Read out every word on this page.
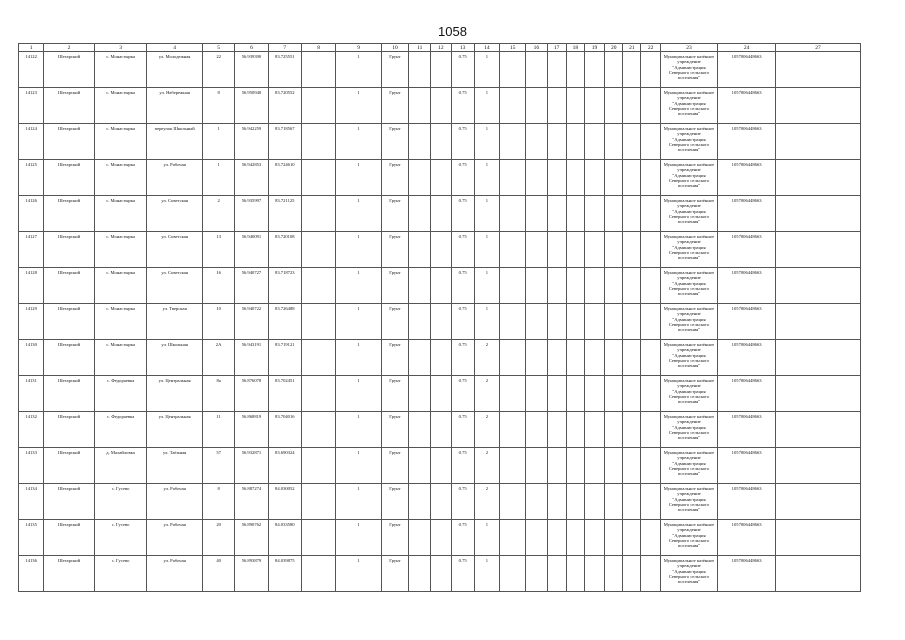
1058
1	2	3	4	5	6	7	8	9	10	11	12	13	14	15	16	17	18	19	20	21	22	23	24	27
14122	Шегарский	с. Монастырка	ул. Молодежная	22	56.939390	83.725551		1	Грунт			0.75	1									Муниципальное казённое учреждение "Администрация Северного сельского поселения"	1057006448663	
14123	Шегарский	с. Монастырка	ул. Набережная	8	56.950940	83.720552		1	Грунт			0.75	1									Муниципальное казённое учреждение "Администрация Северного сельского поселения"	1057006448663	
14124	Шегарский	с. Монастырка	переулок Школьный	1	56.942259	83.718567		1	Грунт			0.75	1									Муниципальное казённое учреждение "Администрация Северного сельского поселения"	1057006448663	
14125	Шегарский	с. Монастырка	ул. Рабочая	1	56.942853	83.724610		1	Грунт			0.75	1									Муниципальное казённое учреждение "Администрация Северного сельского поселения"	1057006448663	
14126	Шегарский	с. Монастырка	ул. Советская	2	56.935997	83.721125		1	Грунт			0.75	1									Муниципальное казённое учреждение "Администрация Северного сельского поселения"	1057006448663	
14127	Шегарский	с. Монастырка	ул. Советская	13	56.940091	83.720108		1	Грунт			0.75	1									Муниципальное казённое учреждение "Администрация Северного сельского поселения"	1057006448663	
14128	Шегарский	с. Монастырка	ул. Советская	16	56.940727	83.718723		1	Грунт			0.75	1									Муниципальное казённое учреждение "Администрация Северного сельского поселения"	1057006448663	
14129	Шегарский	с. Монастырка	ул. Тверская	10	56.940722	83.726488		1	Грунт			0.75	1									Муниципальное казённое учреждение "Администрация Северного сельского поселения"	1057006448663	
14130	Шегарский	с. Монастырка	ул. Школьная	2А	56.943191	83.719121		1	Грунт			0.75	2									Муниципальное казённое учреждение "Администрация Северного сельского поселения"	1057006448663	
14131	Шегарский	с. Федораевка	ул. Центральная	8а	56.876078	83.702451		1	Грунт			0.75	2									Муниципальное казённое учреждение "Администрация Северного сельского поселения"	1057006448663	
14132	Шегарский	с. Федораевка	ул. Центральная	11	56.868819	83.704016		1	Грунт			0.75	2									Муниципальное казённое учреждение "Администрация Северного сельского поселения"	1057006448663	
14133	Шегарский	д. Малайловка	ул. Таёжная	57	56.932871	83.690324		1	Грунт			0.75	2									Муниципальное казённое учреждение "Администрация Северного сельского поселения"	1057006448663	
14134	Шегарский	с. Гусево	ул. Рабочая	8	56.887274	84.030052		1	Грунт			0.75	2									Муниципальное казённое учреждение "Администрация Северного сельского поселения"	1057006448663	
14135	Шегарский	с. Гусево	ул. Рабочая	20	56.890762	84.033580		1	Грунт			0.75	1									Муниципальное казённое учреждение "Администрация Северного сельского поселения"	1057006448663	
14136	Шегарский	с. Гусево	ул. Рабочая	40	56.893879	84.039875		1	Грунт			0.75	1									Муниципальное казённое учреждение "Администрация Северного сельского поселения"	1057006448663	
